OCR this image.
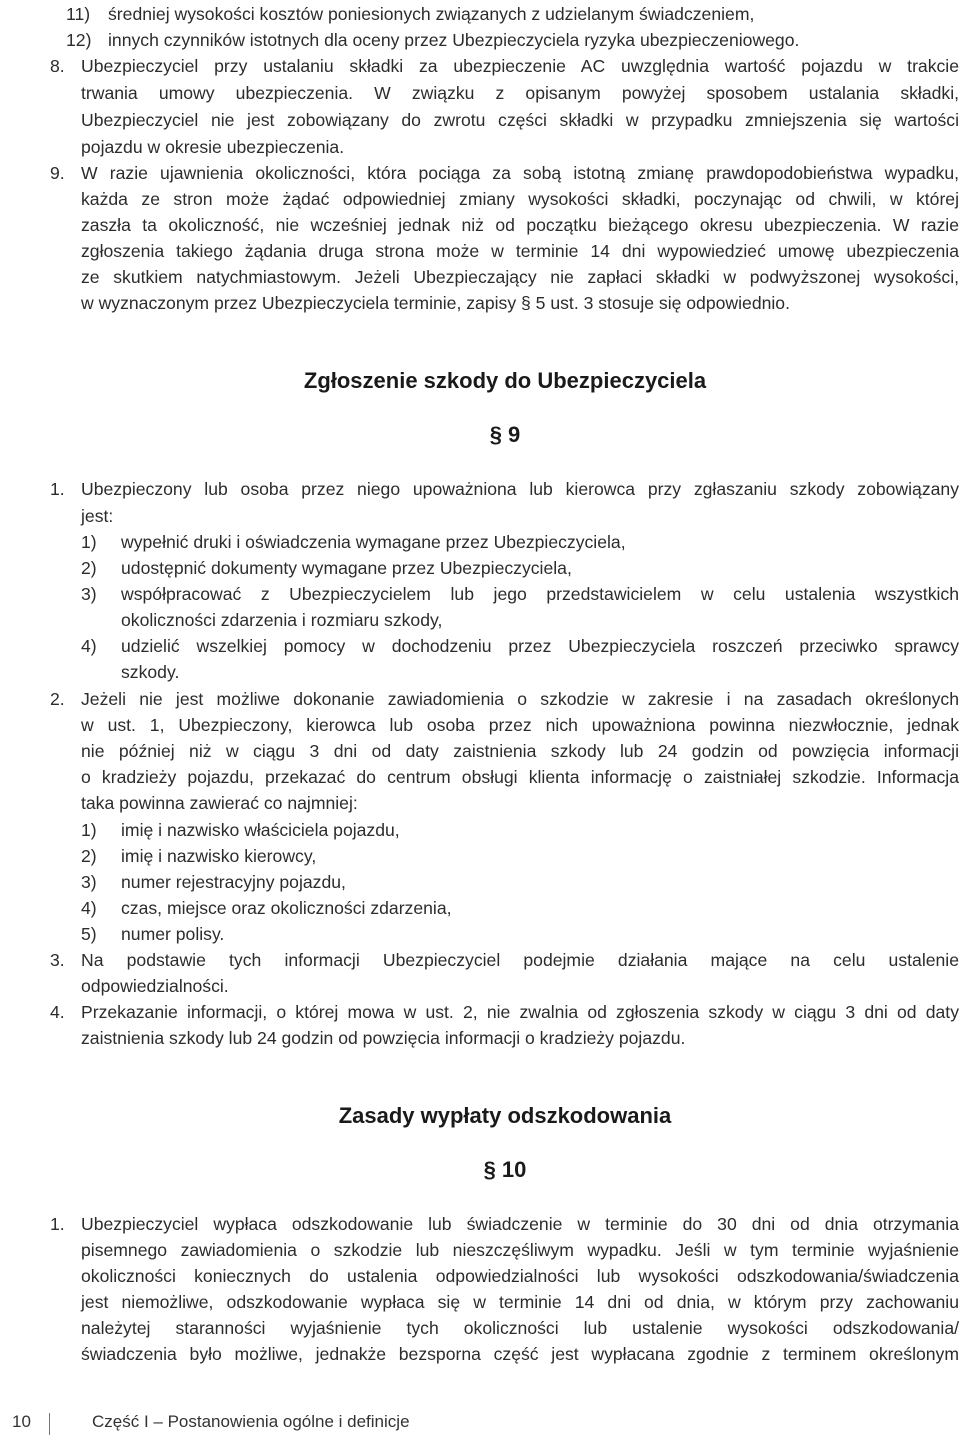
11) średniej wysokości kosztów poniesionych związanych z udzielanym świadczeniem,
12) innych czynników istotnych dla oceny przez Ubezpieczyciela ryzyka ubezpieczeniowego.
8. Ubezpieczyciel przy ustalaniu składki za ubezpieczenie AC uwzględnia wartość pojazdu w trakcie
trwania umowy ubezpieczenia. W związku z opisanym powyżej sposobem ustalania składki,
Ubezpieczyciel nie jest zobowiązany do zwrotu części składki w przypadku zmniejszenia się wartości
pojazdu w okresie ubezpieczenia.
9. W razie ujawnienia okoliczności, która pociąga za sobą istotną zmianę prawdopodobieństwa wypadku,
każda ze stron może żądać odpowiedniej zmiany wysokości składki, poczynając od chwili, w której
zaszła ta okoliczność, nie wcześniej jednak niż od początku bieżącego okresu ubezpieczenia. W razie
zgłoszenia takiego żądania druga strona może w terminie 14 dni wypowiedzieć umowę ubezpieczenia
ze skutkiem natychmiastowym. Jeżeli Ubezpieczający nie zapłaci składki w podwyższonej wysokości,
w wyznaczonym przez Ubezpieczyciela terminie, zapisy § 5 ust. 3 stosuje się odpowiednio.
Zgłoszenie szkody do Ubezpieczyciela
§ 9
1. Ubezpieczony lub osoba przez niego upoważniona lub kierowca przy zgłaszaniu szkody zobowiązany
jest:
1) wypełnić druki i oświadczenia wymagane przez Ubezpieczyciela,
2) udostępnić dokumenty wymagane przez Ubezpieczyciela,
3) współpracować z Ubezpieczycielem lub jego przedstawicielem w celu ustalenia wszystkich
okoliczności zdarzenia i rozmiaru szkody,
4) udzielić wszelkiej pomocy w dochodzeniu przez Ubezpieczyciela roszczeń przeciwko sprawcy
szkody.
2. Jeżeli nie jest możliwe dokonanie zawiadomienia o szkodzie w zakresie i na zasadach określonych
w ust. 1, Ubezpieczony, kierowca lub osoba przez nich upoważniona powinna niezwłocznie, jednak
nie później niż w ciągu 3 dni od daty zaistnienia szkody lub 24 godzin od powzięcia informacji
o kradzieży pojazdu, przekazać do centrum obsługi klienta informację o zaistniałej szkodzie. Informacja
taka powinna zawierać co najmniej:
1) imię i nazwisko właściciela pojazdu,
2) imię i nazwisko kierowcy,
3) numer rejestracyjny pojazdu,
4) czas, miejsce oraz okoliczności zdarzenia,
5) numer polisy.
3. Na podstawie tych informacji Ubezpieczyciel podejmie działania mające na celu ustalenie
odpowiedzialności.
4. Przekazanie informacji, o której mowa w ust. 2, nie zwalnia od zgłoszenia szkody w ciągu 3 dni od daty
zaistnienia szkody lub 24 godzin od powzięcia informacji o kradzieży pojazdu.
Zasady wypłaty odszkodowania
§ 10
1. Ubezpieczyciel wypłaca odszkodowanie lub świadczenie w terminie do 30 dni od dnia otrzymania
pisemnego zawiadomienia o szkodzie lub nieszczęśliwym wypadku. Jeśli w tym terminie wyjaśnienie
okoliczności koniecznych do ustalenia odpowiedzialności lub wysokości odszkodowania/świadczenia
jest niemożliwe, odszkodowanie wypłaca się w terminie 14 dni od dnia, w którym przy zachowaniu
należytej staranności wyjaśnienie tych okoliczności lub ustalenie wysokości odszkodowania/
świadczenia było możliwe, jednakże bezsporna część jest wypłacana zgodnie z terminem określonym
10	Część I – Postanowienia ogólne i definicje
